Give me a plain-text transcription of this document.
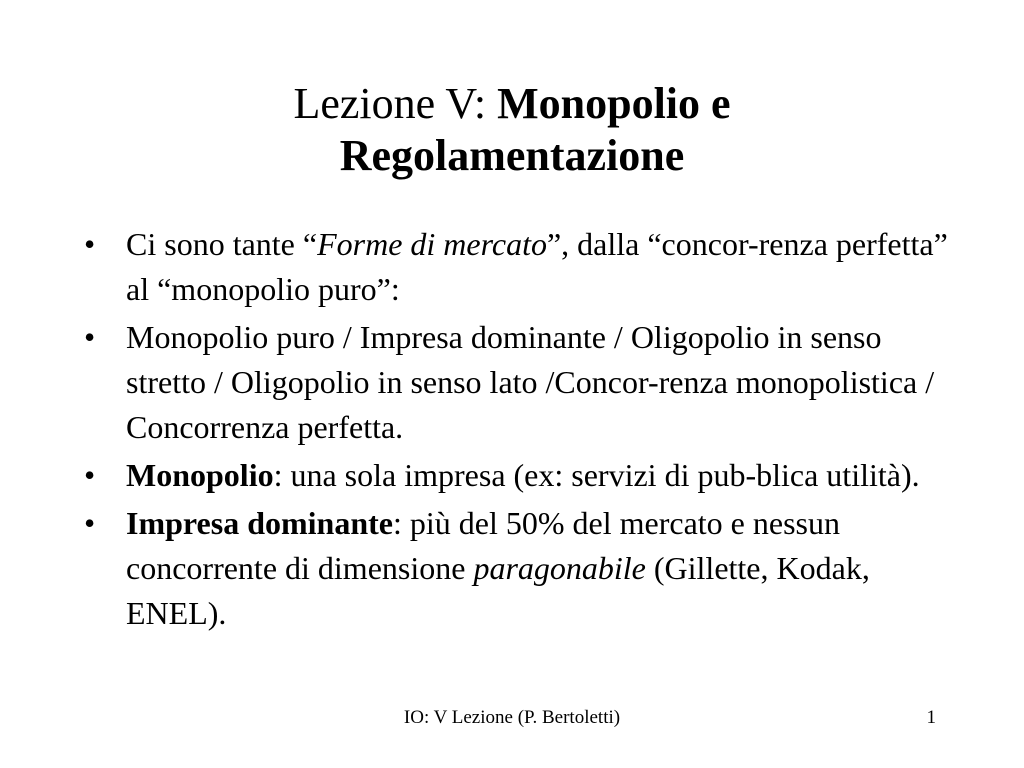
Lezione V: Monopolio e
Regolamentazione
• Ci sono tante “Forme di mercato”, dalla “concor-renza perfetta” al “monopolio puro”:
• Monopolio puro / Impresa dominante / Oligopolio in senso stretto / Oligopolio in senso lato /Concor-renza monopolistica / Concorrenza perfetta.
• Monopolio: una sola impresa (ex: servizi di pub-blica utilità).
• Impresa dominante: più del 50% del mercato e nessun concorrente di dimensione paragonabile (Gillette, Kodak, ENEL).
IO: V Lezione (P. Bertoletti)	1
